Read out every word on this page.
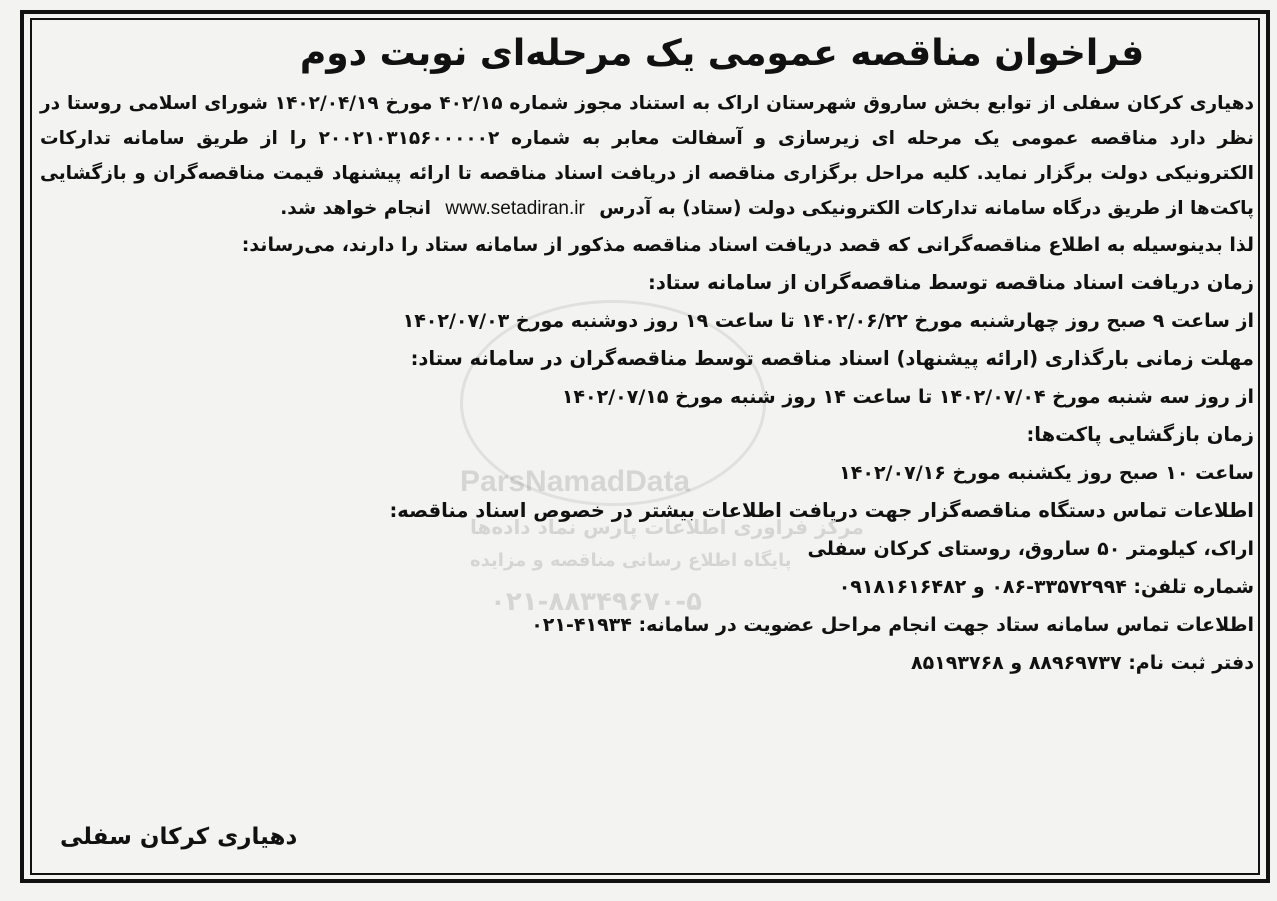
ParsNamadData
مرکز فراوری اطلاعات پارس نماد داده‌ها
پایگاه اطلاع رسانی مناقصه و مزایده
۰۲۱-۸۸۳۴۹۶۷۰-۵
فراخوان مناقصه عمومی یک مرحله‌ای نوبت دوم

دهیاری کرکان سفلی از توابع بخش ساروق شهرستان اراک به استناد مجوز شماره ۴۰۲/۱۵ مورخ ۱۴۰۲/۰۴/۱۹ شورای اسلامی روستا در نظر دارد مناقصه عمومی یک مرحله ای زیرسازی و آسفالت معابر به شماره ۲۰۰۲۱۰۳۱۵۶۰۰۰۰۰۲ را از طریق سامانه تدارکات الکترونیکی دولت برگزار نماید. کلیه مراحل برگزاری مناقصه از دریافت اسناد مناقصه تا ارائه پیشنهاد قیمت مناقصه‌گران و بازگشایی پاکت‌ها از طریق درگاه سامانه تدارکات الکترونیکی دولت (ستاد) به آدرس www.setadiran.ir انجام خواهد شد.

لذا بدینوسیله به اطلاع مناقصه‌گرانی که قصد دریافت اسناد مناقصه مذکور از سامانه ستاد را دارند، می‌رساند:

زمان دریافت اسناد مناقصه توسط مناقصه‌گران از سامانه ستاد:

از ساعت ۹ صبح روز چهارشنبه مورخ ۱۴۰۲/۰۶/۲۲ تا ساعت ۱۹ روز دوشنبه مورخ ۱۴۰۲/۰۷/۰۳

مهلت زمانی بارگذاری (ارائه پیشنهاد) اسناد مناقصه توسط مناقصه‌گران در سامانه ستاد:

از روز سه شنبه مورخ ۱۴۰۲/۰۷/۰۴ تا ساعت ۱۴ روز شنبه مورخ ۱۴۰۲/۰۷/۱۵

زمان بازگشایی پاکت‌ها:

ساعت ۱۰ صبح روز یکشنبه مورخ ۱۴۰۲/۰۷/۱۶

اطلاعات تماس دستگاه مناقصه‌گزار جهت دریافت اطلاعات بیشتر در خصوص اسناد مناقصه:

اراک، کیلومتر ۵۰ ساروق، روستای کرکان سفلی

شماره تلفن: ۳۳۵۷۲۹۹۴-۰۸۶ و ۰۹۱۸۱۶۱۶۴۸۲

اطلاعات تماس سامانه ستاد جهت انجام مراحل عضویت در سامانه: ۴۱۹۳۴-۰۲۱

دفتر ثبت نام: ۸۸۹۶۹۷۳۷ و ۸۵۱۹۳۷۶۸

دهیاری کرکان سفلی
